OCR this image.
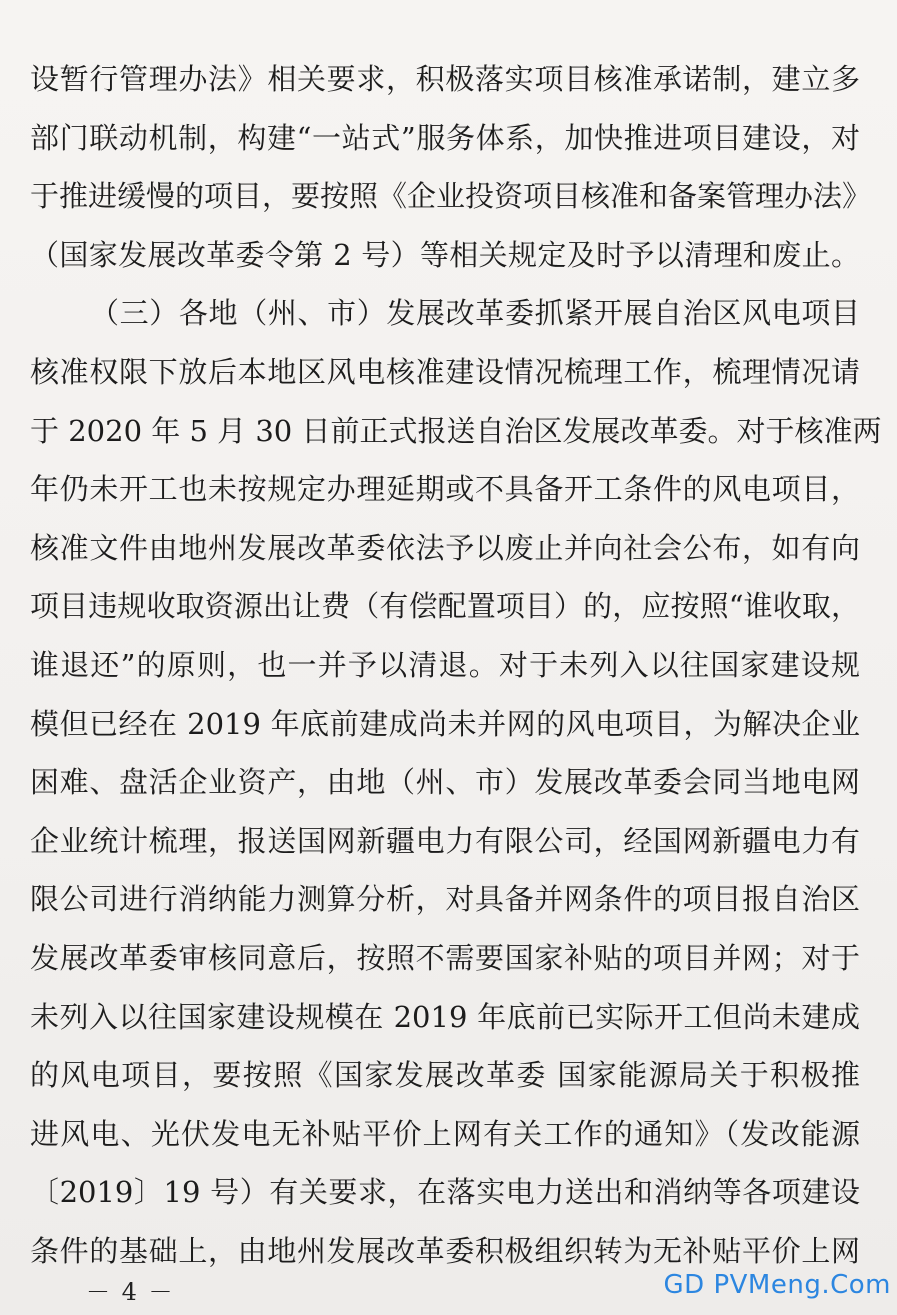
设暂行管理办法》相关要求，积极落实项目核准承诺制，建立多
部门联动机制，构建“一站式”服务体系，加快推进项目建设，对
于推进缓慢的项目，要按照《企业投资项目核准和备案管理办法》
（国家发展改革委令第 2 号）等相关规定及时予以清理和废止。
（三）各地（州、市）发展改革委抓紧开展自治区风电项目
核准权限下放后本地区风电核准建设情况梳理工作，梳理情况请
于 2020 年 5 月 30 日前正式报送自治区发展改革委。对于核准两
年仍未开工也未按规定办理延期或不具备开工条件的风电项目，
核准文件由地州发展改革委依法予以废止并向社会公布，如有向
项目违规收取资源出让费（有偿配置项目）的，应按照“谁收取，
谁退还”的原则，也一并予以清退。对于未列入以往国家建设规
模但已经在 2019 年底前建成尚未并网的风电项目，为解决企业
困难、盘活企业资产，由地（州、市）发展改革委会同当地电网
企业统计梳理，报送国网新疆电力有限公司，经国网新疆电力有
限公司进行消纳能力测算分析，对具备并网条件的项目报自治区
发展改革委审核同意后，按照不需要国家补贴的项目并网；对于
未列入以往国家建设规模在 2019 年底前已实际开工但尚未建成
的风电项目，要按照《国家发展改革委 国家能源局关于积极推
进风电、光伏发电无补贴平价上网有关工作的通知》（发改能源
〔2019〕19 号）有关要求，在落实电力送出和消纳等各项建设
条件的基础上，由地州发展改革委积极组织转为无补贴平价上网
－ 4 －	GD PVMeng.Com
